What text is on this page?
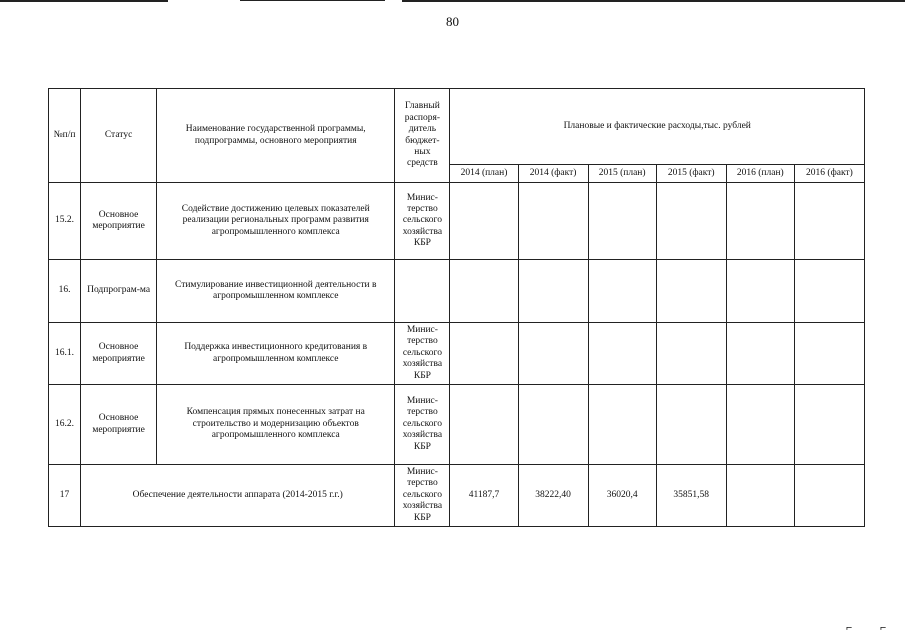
80
№п/п	Статус	Наименование государственной программы, подпрограммы, основного мероприятия	Главный распоря-дитель бюджет-ных средств	Плановые и фактические расходы,тыс. рублей					
				2014 (план)	2014 (факт)	2015 (план)	2015 (факт)	2016 (план)	2016 (факт)
15.2.	Основное мероприятие	Содействие достижению целевых показателей реализации региональных программ развития агропромышленного комплекса	Минис-терство сельского хозяйства КБР						
16.	Подпрограм-ма	Стимулирование инвестиционной деятельности в агропромышленном комплексе							
16.1.	Основное мероприятие	Поддержка инвестиционного кредитования в агропромышленном комплексе	Минис-терство сельского хозяйства КБР						
16.2.	Основное мероприятие	Компенсация прямых понесенных затрат на строительство и модернизацию объектов агропромышленного комплекса	Минис-терство сельского хозяйства КБР						
17	Обеспечение деятельности аппарата (2014-2015 г.г.)		Минис-терство сельского хозяйства КБР	41187,7	38222,40	36020,4	35851,58		
⌐	⌐
